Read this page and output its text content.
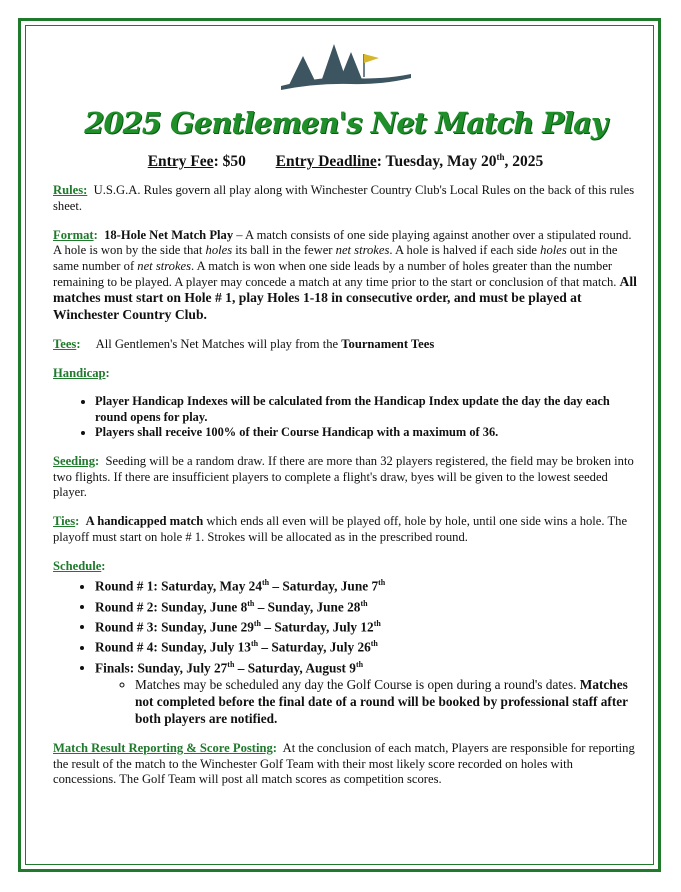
2025 Gentlemen's Net Match Play
Entry Fee: $50 Entry Deadline: Tuesday, May 20th, 2025

Rules: U.S.G.A. Rules govern all play along with Winchester Country Club's Local Rules on the back of this rules sheet.

Format: 18-Hole Net Match Play – A match consists of one side playing against another over a stipulated round. A hole is won by the side that holes its ball in the fewer net strokes. A hole is halved if each side holes out in the same number of net strokes. A match is won when one side leads by a number of holes greater than the number remaining to be played. A player may concede a match at any time prior to the start or conclusion of that match. All matches must start on Hole # 1, play Holes 1-18 in consecutive order, and must be played at Winchester Country Club.

Tees: All Gentlemen's Net Matches will play from the Tournament Tees

Handicap:

• Player Handicap Indexes will be calculated from the Handicap Index update the day the day each round opens for play.
• Players shall receive 100% of their Course Handicap with a maximum of 36.

Seeding: Seeding will be a random draw. If there are more than 32 players registered, the field may be broken into two flights. If there are insufficient players to complete a flight's draw, byes will be given to the lowest seeded player.

Ties: A handicapped match which ends all even will be played off, hole by hole, until one side wins a hole. The playoff must start on hole # 1. Strokes will be allocated as in the prescribed round.

Schedule:

• Round # 1: Saturday, May 24th – Saturday, June 7th
• Round # 2: Sunday, June 8th – Sunday, June 28th
• Round # 3: Sunday, June 29th – Saturday, July 12th
• Round # 4: Sunday, July 13th – Saturday, July 26th
• Finals: Sunday, July 27th – Saturday, August 9th
◦ Matches may be scheduled any day the Golf Course is open during a round's dates. Matches not completed before the final date of a round will be booked by professional staff after both players are notified.

Match Result Reporting & Score Posting: At the conclusion of each match, Players are responsible for reporting the result of the match to the Winchester Golf Team with their most likely score recorded on holes with concessions. The Golf Team will post all match scores as competition scores.
